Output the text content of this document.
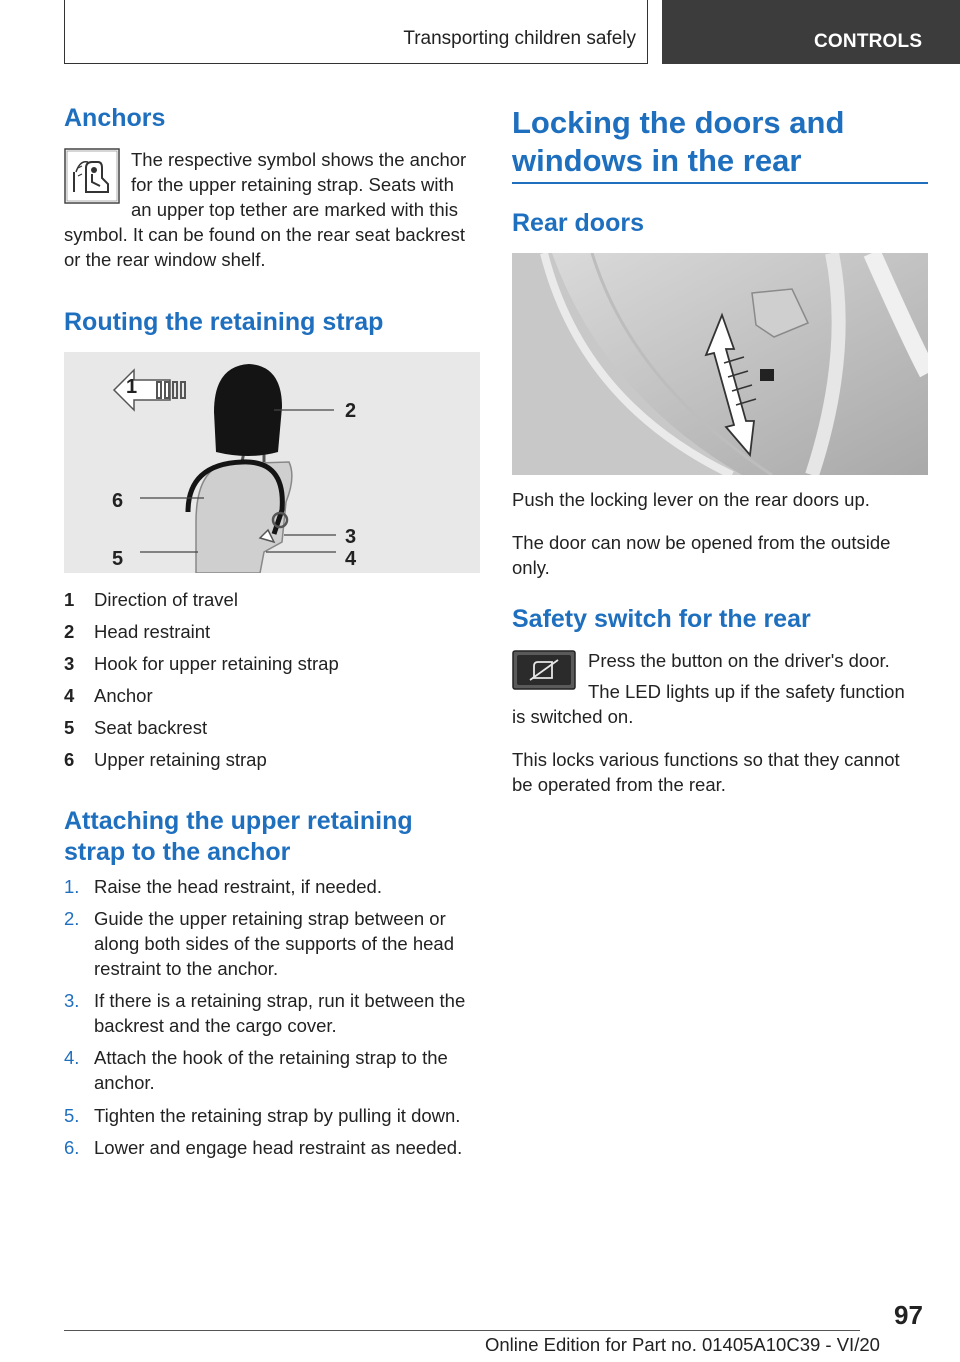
Transporting children safely	CONTROLS
Anchors
The respective symbol shows the anchor
for the upper retaining strap. Seats with
an upper top tether are marked with this
symbol. It can be found on the rear seat backrest
or the rear window shelf.
Routing the retaining strap
1
2
3
4
5
6
1 Direction of travel
2 Head restraint
3 Hook for upper retaining strap
4 Anchor
5 Seat backrest
6 Upper retaining strap
Attaching the upper retaining
strap to the anchor
1. Raise the head restraint, if needed.
2. Guide the upper retaining strap between or
along both sides of the supports of the head
restraint to the anchor.
3. If there is a retaining strap, run it between the
backrest and the cargo cover.
4. Attach the hook of the retaining strap to the
anchor.
5. Tighten the retaining strap by pulling it down.
6. Lower and engage head restraint as needed.
Locking the doors and
windows in the rear
Rear doors
Push the locking lever on the rear doors up.
The door can now be opened from the outside
only.
Safety switch for the rear
Press the button on the driver's door.
The LED lights up if the safety function
is switched on.
This locks various functions so that they cannot
be operated from the rear.
97
Online Edition for Part no. 01405A10C39 - VI/20
